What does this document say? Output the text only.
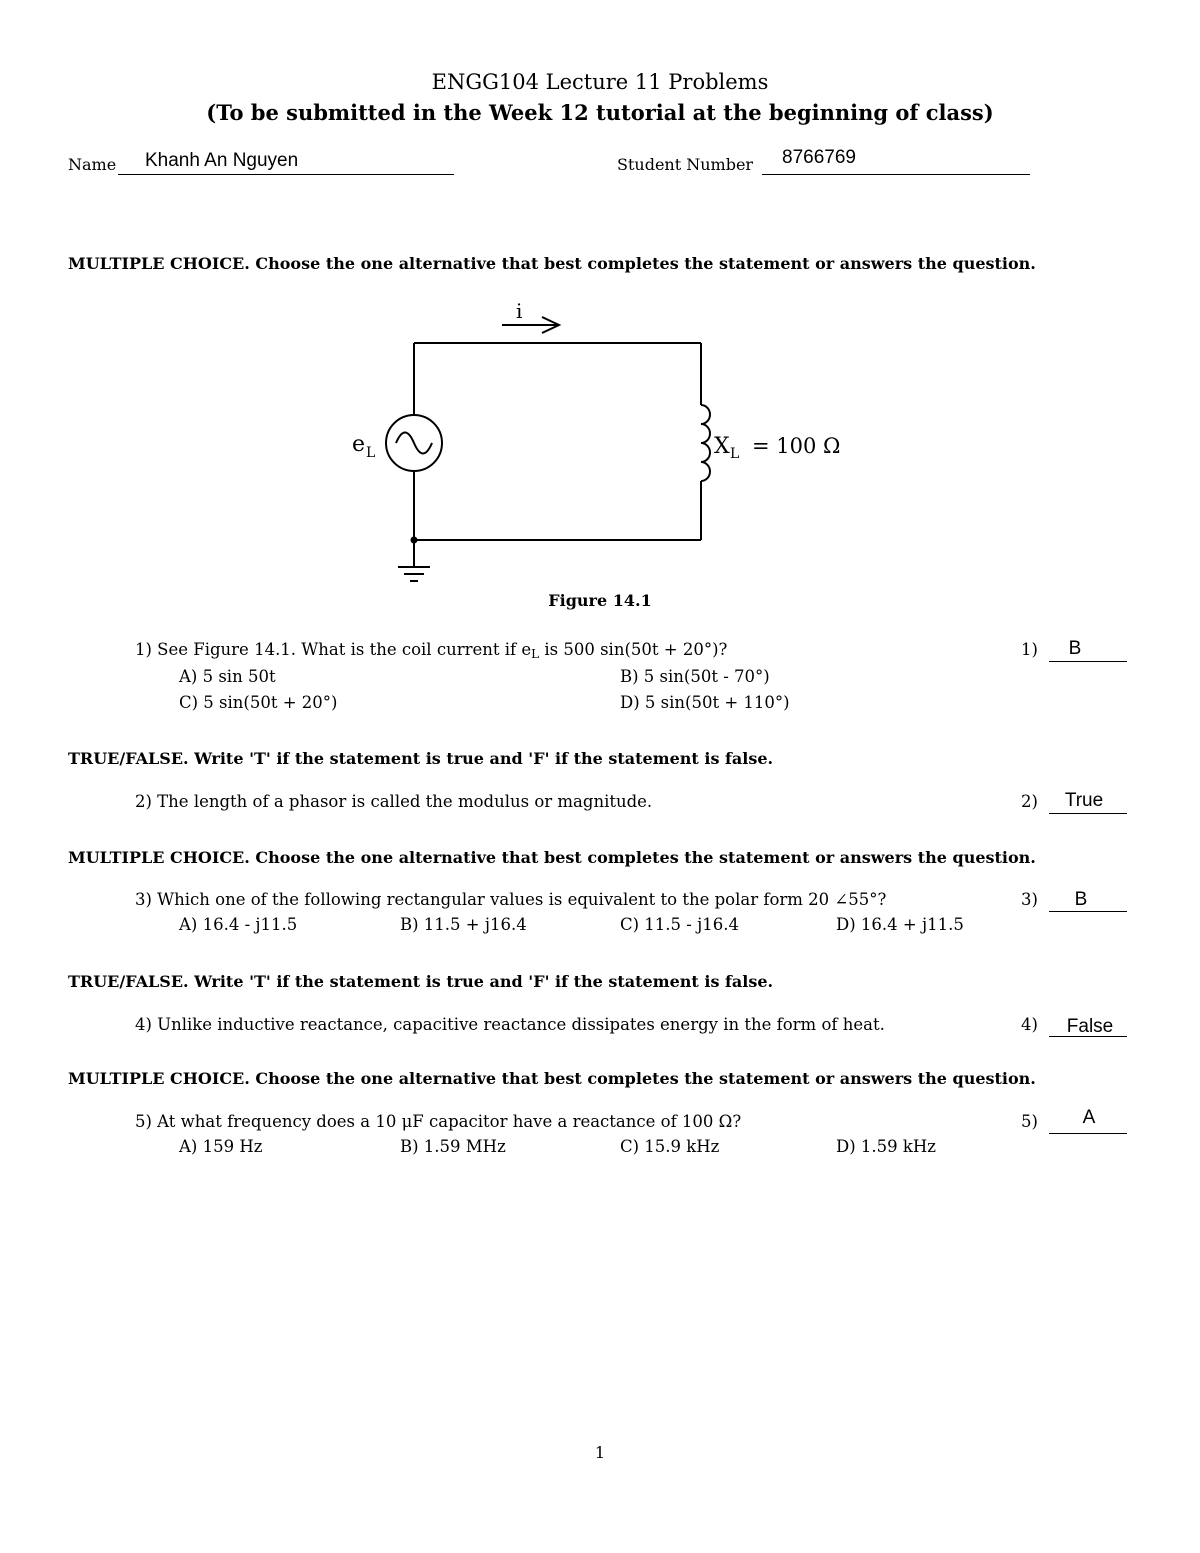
ENGG104 Lecture 11 Problems
(To be submitted in the Week 12 tutorial at the beginning of class)
Name Khanh An Nguyen	Student Number 8766769
MULTIPLE CHOICE. Choose the one alternative that best completes the statement or answers the question.
i
e L	X L = 100 Ω
Figure 14.1
1) See Figure 14.1. What is the coil current if eL is 500 sin(50t + 20°)?	1)	B
A) 5 sin 50t	B) 5 sin(50t - 70°)
C) 5 sin(50t + 20°)	D) 5 sin(50t + 110°)
TRUE/FALSE. Write 'T' if the statement is true and 'F' if the statement is false.
2) The length of a phasor is called the modulus or magnitude.	2)	True
MULTIPLE CHOICE. Choose the one alternative that best completes the statement or answers the question.
3) Which one of the following rectangular values is equivalent to the polar form 20 ∠55°?	3)	B
A) 16.4 - j11.5	B) 11.5 + j16.4	C) 11.5 - j16.4	D) 16.4 + j11.5
TRUE/FALSE. Write 'T' if the statement is true and 'F' if the statement is false.
4) Unlike inductive reactance, capacitive reactance dissipates energy in the form of heat.	4)	False
MULTIPLE CHOICE. Choose the one alternative that best completes the statement or answers the question.
5) At what frequency does a 10 μF capacitor have a reactance of 100 Ω?	5)	A
A) 159 Hz	B) 1.59 MHz	C) 15.9 kHz	D) 1.59 kHz
1
